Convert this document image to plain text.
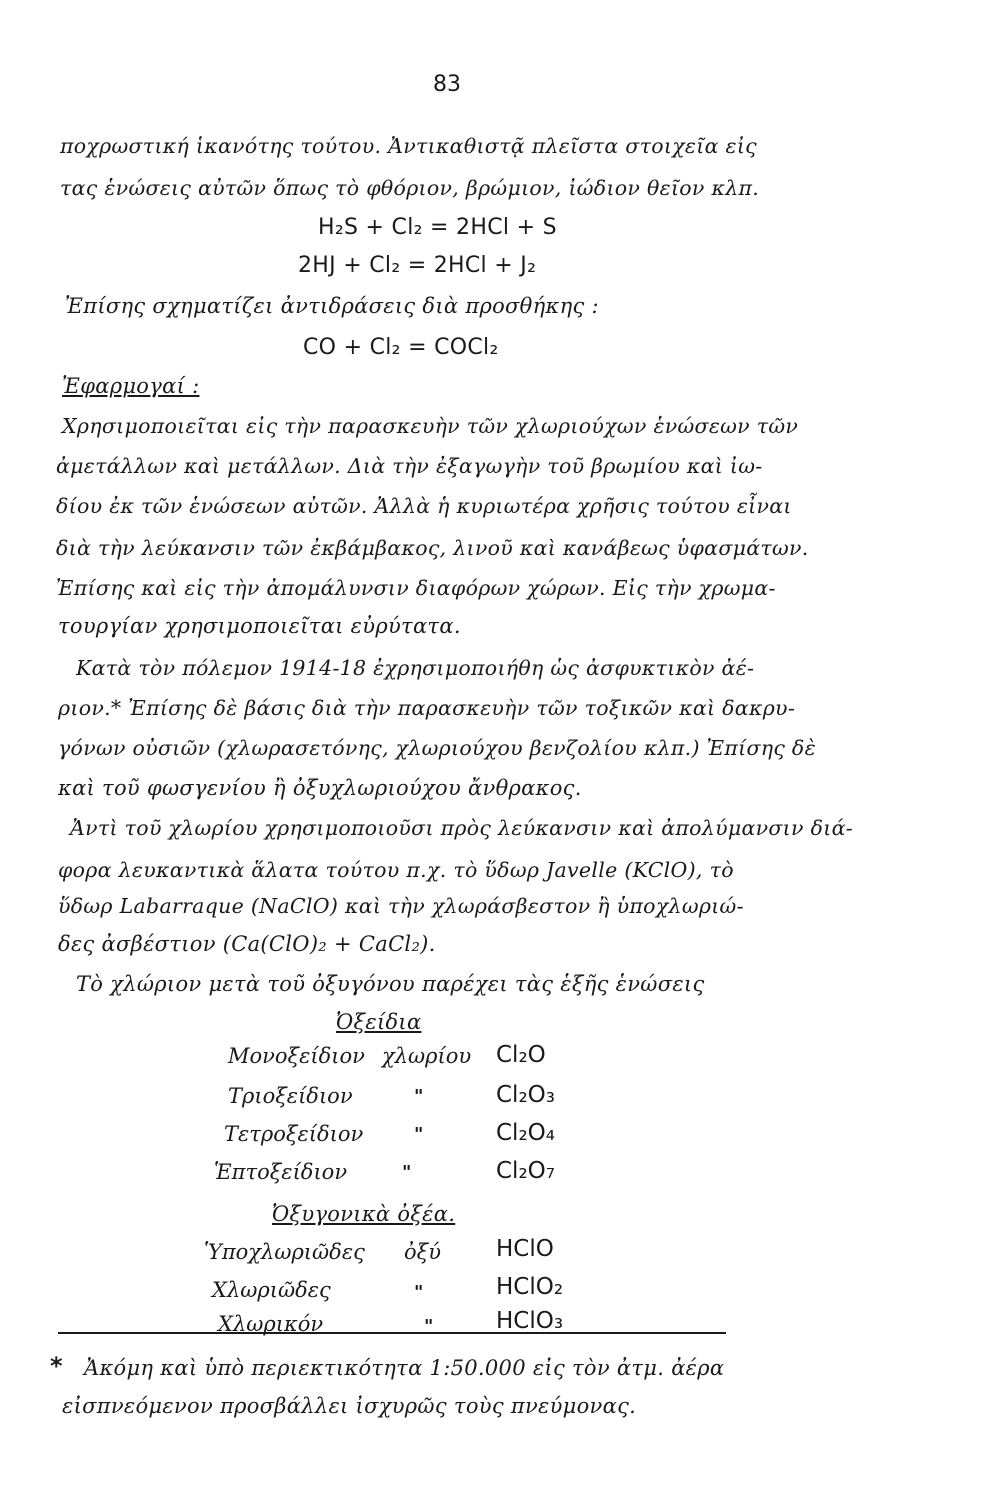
83
ποχρωστική ἱκανότης τούτου. Ἀντικαθιστᾷ πλεῖστα στοιχεῖα εἰς
τας ἑνώσεις αὐτῶν ὅπως τὸ φθόριον, βρώμιον, ἰώδιον θεῖον κλπ.
H₂S + Cl₂ = 2HCl + S
2HJ + Cl₂ = 2HCl + J₂
Ἐπίσης σχηματίζει ἀντιδράσεις διὰ προσθήκης :
CO + Cl₂ = COCl₂
Ἐφαρμογαί :
Χρησιμοποιεῖται εἰς τὴν παρασκευὴν τῶν χλωριούχων ἑνώσεων τῶν
ἀμετάλλων καὶ μετάλλων. Διὰ τὴν ἐξαγωγὴν τοῦ βρωμίου καὶ ἰω-
δίου ἐκ τῶν ἑνώσεων αὐτῶν. Ἀλλὰ ἡ κυριωτέρα χρῆσις τούτου εἶναι
διὰ τὴν λεύκανσιν τῶν ἐκβάμβακος, λινοῦ καὶ κανάβεως ὑφασμάτων.
Ἐπίσης καὶ εἰς τὴν ἀπομάλυνσιν διαφόρων χώρων. Εἰς τὴν χρωμα-
τουργίαν χρησιμοποιεῖται εὐρύτατα.
Κατὰ τὸν πόλεμον 1914-18 ἐχρησιμοποιήθη ὡς ἀσφυκτικὸν ἀέ-
ριον.* Ἐπίσης δὲ βάσις διὰ τὴν παρασκευὴν τῶν τοξικῶν καὶ δακρυ-
γόνων οὐσιῶν (χλωρασετόνης, χλωριούχου βενζολίου κλπ.) Ἐπίσης δὲ
καὶ τοῦ φωσγενίου ἢ ὀξυχλωριούχου ἄνθρακος.
Ἀντὶ τοῦ χλωρίου χρησιμοποιοῦσι πρὸς λεύκανσιν καὶ ἀπολύμανσιν διά-
φορα λευκαντικὰ ἅλατα τούτου π.χ. τὸ ὕδωρ Javelle (KClO), τὸ
ὕδωρ Labarraque (NaClO) καὶ τὴν χλωράσβεστον ἢ ὑποχλωριώ-
δες ἀσβέστιον (Ca(ClO)₂ + CaCl₂).
Τὸ χλώριον μετὰ τοῦ ὀξυγόνου παρέχει τὰς ἑξῆς ἑνώσεις
Ὀξείδια
Μονοξείδιον χλωρίου Cl₂O
Τριοξείδιον	"	Cl₂O₃
Τετροξείδιον	"	Cl₂O₄
Ἑπτοξείδιον	"	Cl₂O₇
Ὀξυγονικὰ ὀξέα.
Ὑποχλωριῶδες ὀξύ HClO
Χλωριῶδες	"	HClO₂
Χλωρικόν	"	HClO₃
* Ἀκόμη καὶ ὑπὸ περιεκτικότητα 1:50.000 εἰς τὸν ἀτμ. ἀέρα
εἰσπνεόμενον προσβάλλει ἰσχυρῶς τοὺς πνεύμονας.
